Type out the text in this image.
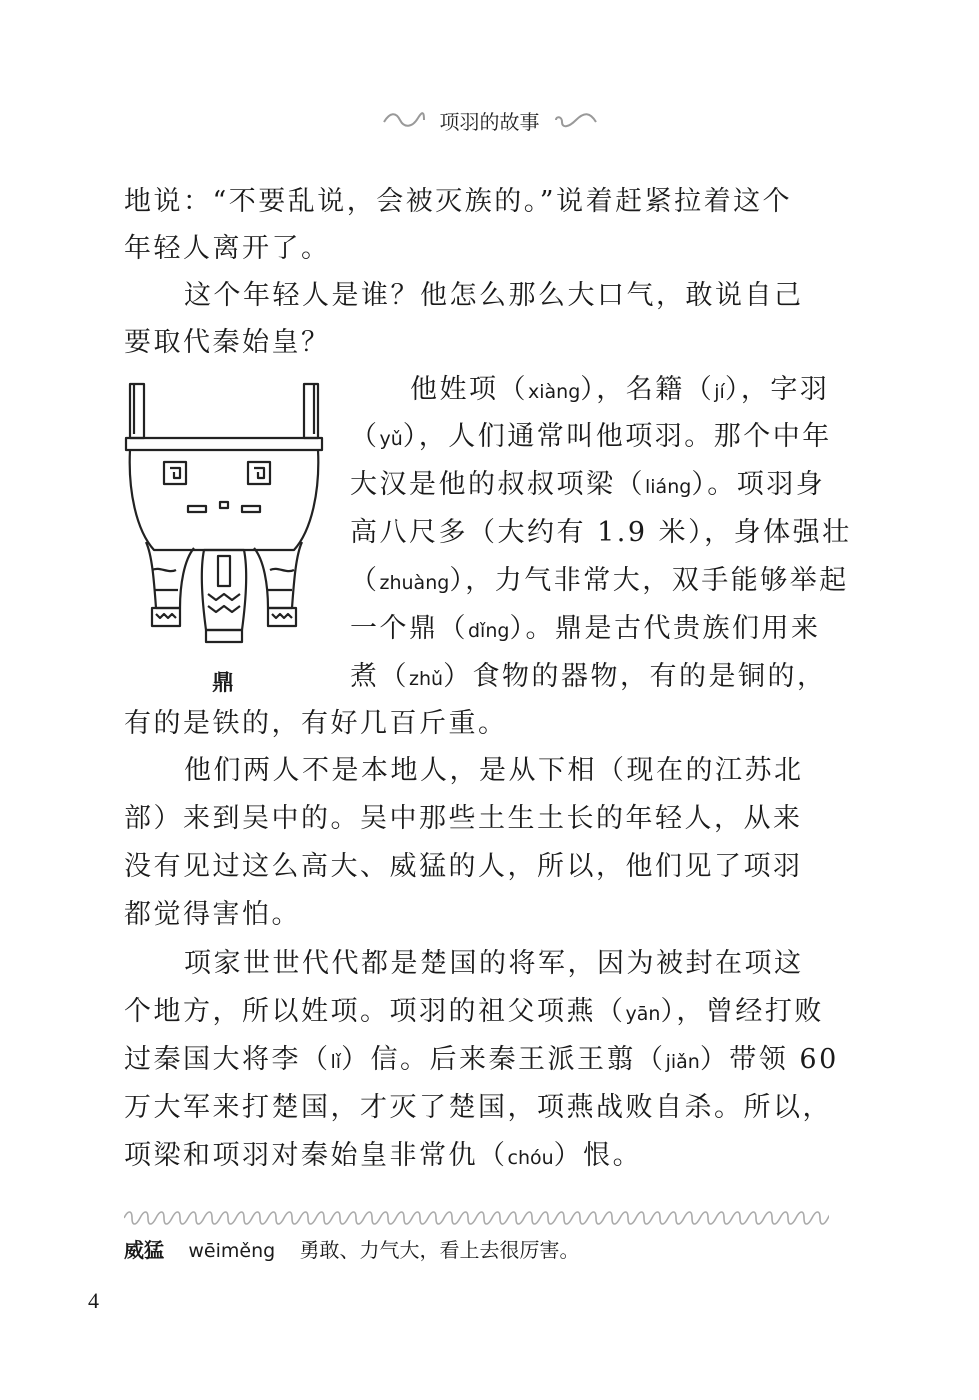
项羽的故事
地说：“不要乱说，会被灭族的。”说着赶紧拉着这个
年轻人离开了。
这个年轻人是谁？他怎么那么大口气，敢说自己
要取代秦始皇？
他姓项（xiàng），名籍（jí），字羽
（yǔ），人们通常叫他项羽。那个中年
大汉是他的叔叔项梁（liáng）。项羽身
高八尺多（大约有 1.9 米），身体强壮
（zhuàng），力气非常大，双手能够举起
一个鼎（dǐng）。鼎是古代贵族们用来
煮（zhǔ）食物的器物，有的是铜的，
有的是铁的，有好几百斤重。
他们两人不是本地人，是从下相（现在的江苏北
部）来到吴中的。吴中那些土生土长的年轻人，从来
没有见过这么高大、威猛的人，所以，他们见了项羽
都觉得害怕。
项家世世代代都是楚国的将军，因为被封在项这
个地方，所以姓项。项羽的祖父项燕（yān），曾经打败
过秦国大将李（lǐ）信。后来秦王派王翦（jiǎn）带领 60
万大军来打楚国，才灭了楚国，项燕战败自杀。所以，
项梁和项羽对秦始皇非常仇（chóu）恨。
鼎
威猛 wēiměng 勇敢、力气大，看上去很厉害。
4
